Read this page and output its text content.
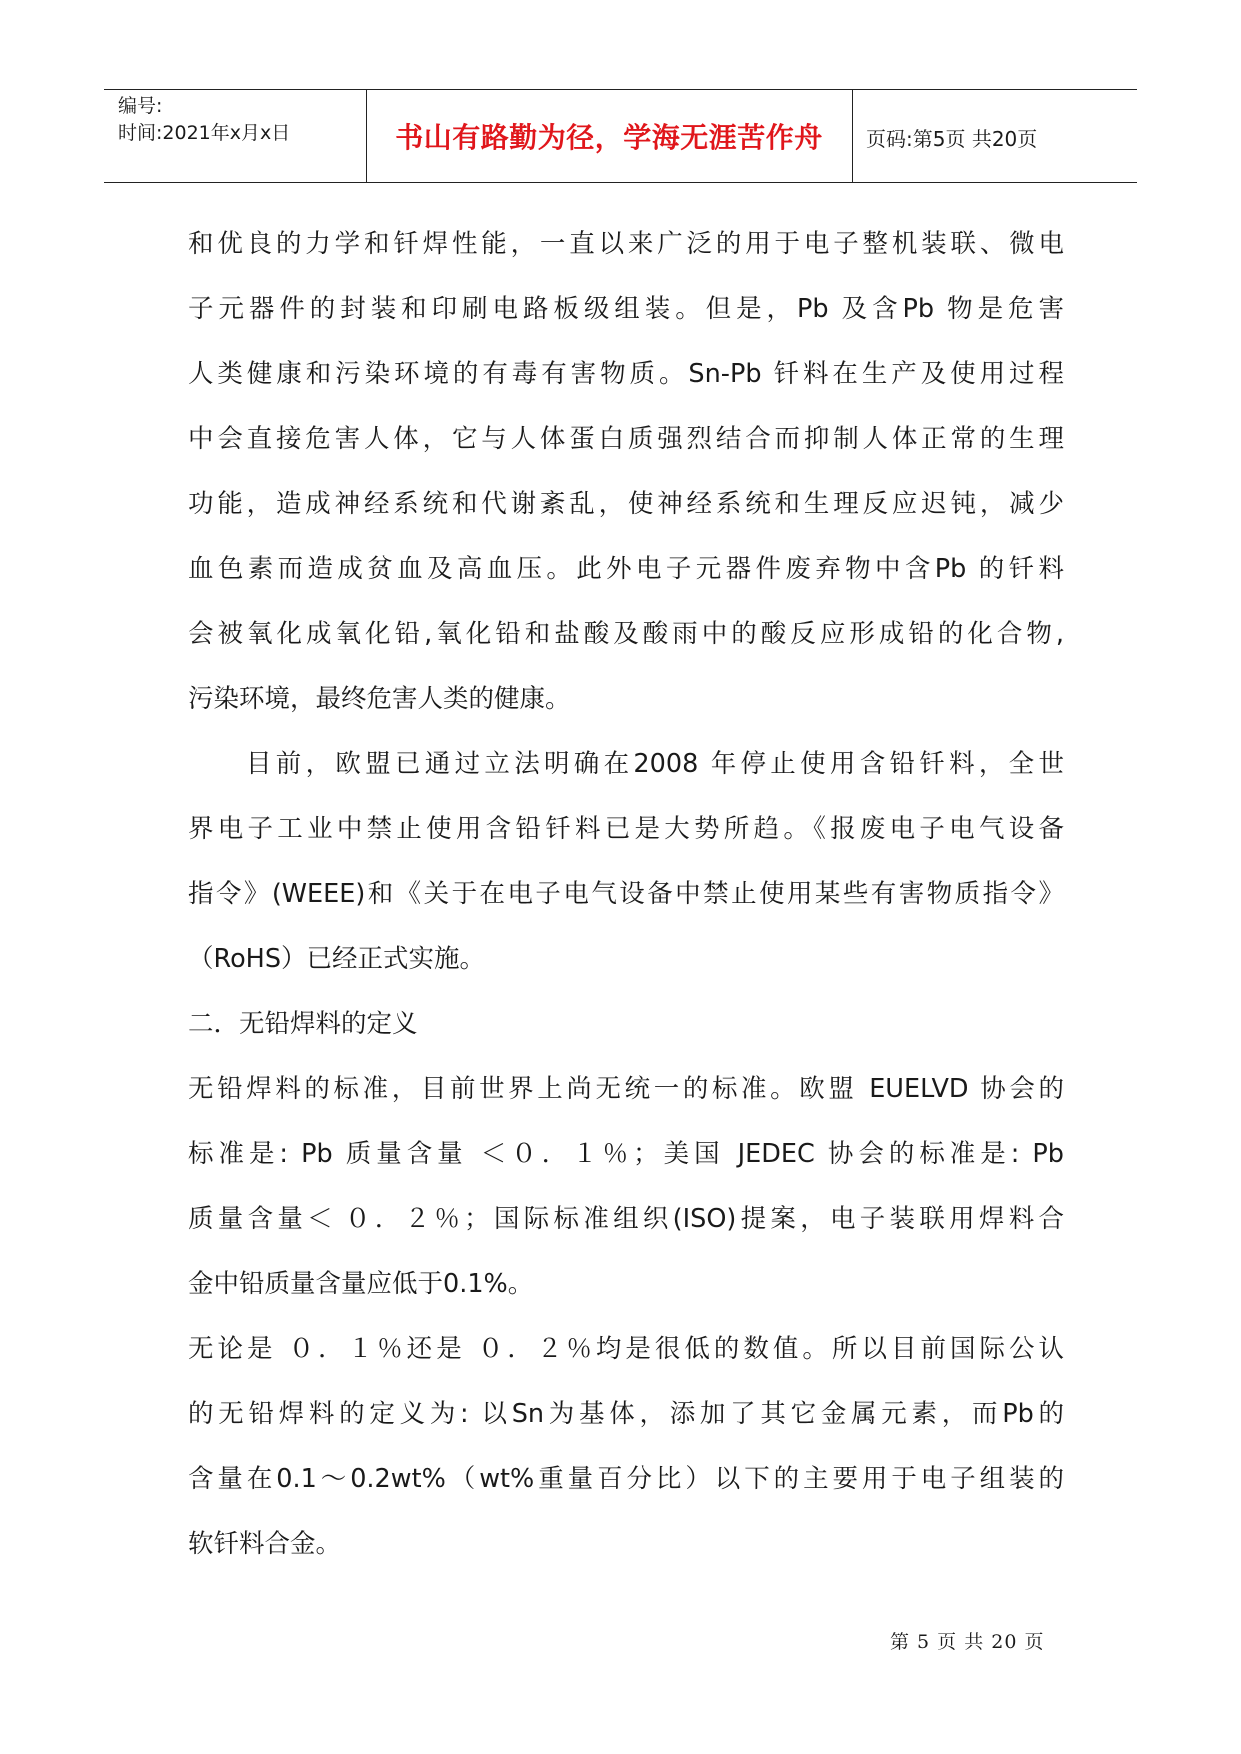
编号:
时间:2021年x月x日	书山有路勤为径，学海无涯苦作舟	页码:第5页 共20页
和优良的力学和钎焊性能，一直以来广泛的用于电子整机装联、微电
子元器件的封装和印刷电路板级组装。但是，Pb 及含Pb 物是危害
人类健康和污染环境的有毒有害物质。Sn-Pb 钎料在生产及使用过程
中会直接危害人体，它与人体蛋白质强烈结合而抑制人体正常的生理
功能，造成神经系统和代谢紊乱，使神经系统和生理反应迟钝，减少
血色素而造成贫血及高血压。此外电子元器件废弃物中含Pb 的钎料
会被氧化成氧化铅,氧化铅和盐酸及酸雨中的酸反应形成铅的化合物,
污染环境，最终危害人类的健康。
目前，欧盟已通过立法明确在2008 年停止使用含铅钎料，全世
界电子工业中禁止使用含铅钎料已是大势所趋。《报废电子电气设备
指令》(WEEE)和《关于在电子电气设备中禁止使用某些有害物质指令》
（RoHS）已经正式实施。
二．无铅焊料的定义
无铅焊料的标准，目前世界上尚无统一的标准。欧盟 EUELVD 协会的
标准是: Pb 质量含量 ＜０．１％；美国 JEDEC 协会的标准是: Pb
质量含量＜ ０．２％；国际标准组织(ISO)提案，电子装联用焊料合
金中铅质量含量应低于0.1%。
无论是 ０．１％还是 ０．２％均是很低的数值。所以目前国际公认
的无铅焊料的定义为: 以Sn为基体，添加了其它金属元素，而Pb的
含量在0.1～0.2wt%（wt%重量百分比）以下的主要用于电子组装的
软钎料合金。
第 5 页 共 20 页
